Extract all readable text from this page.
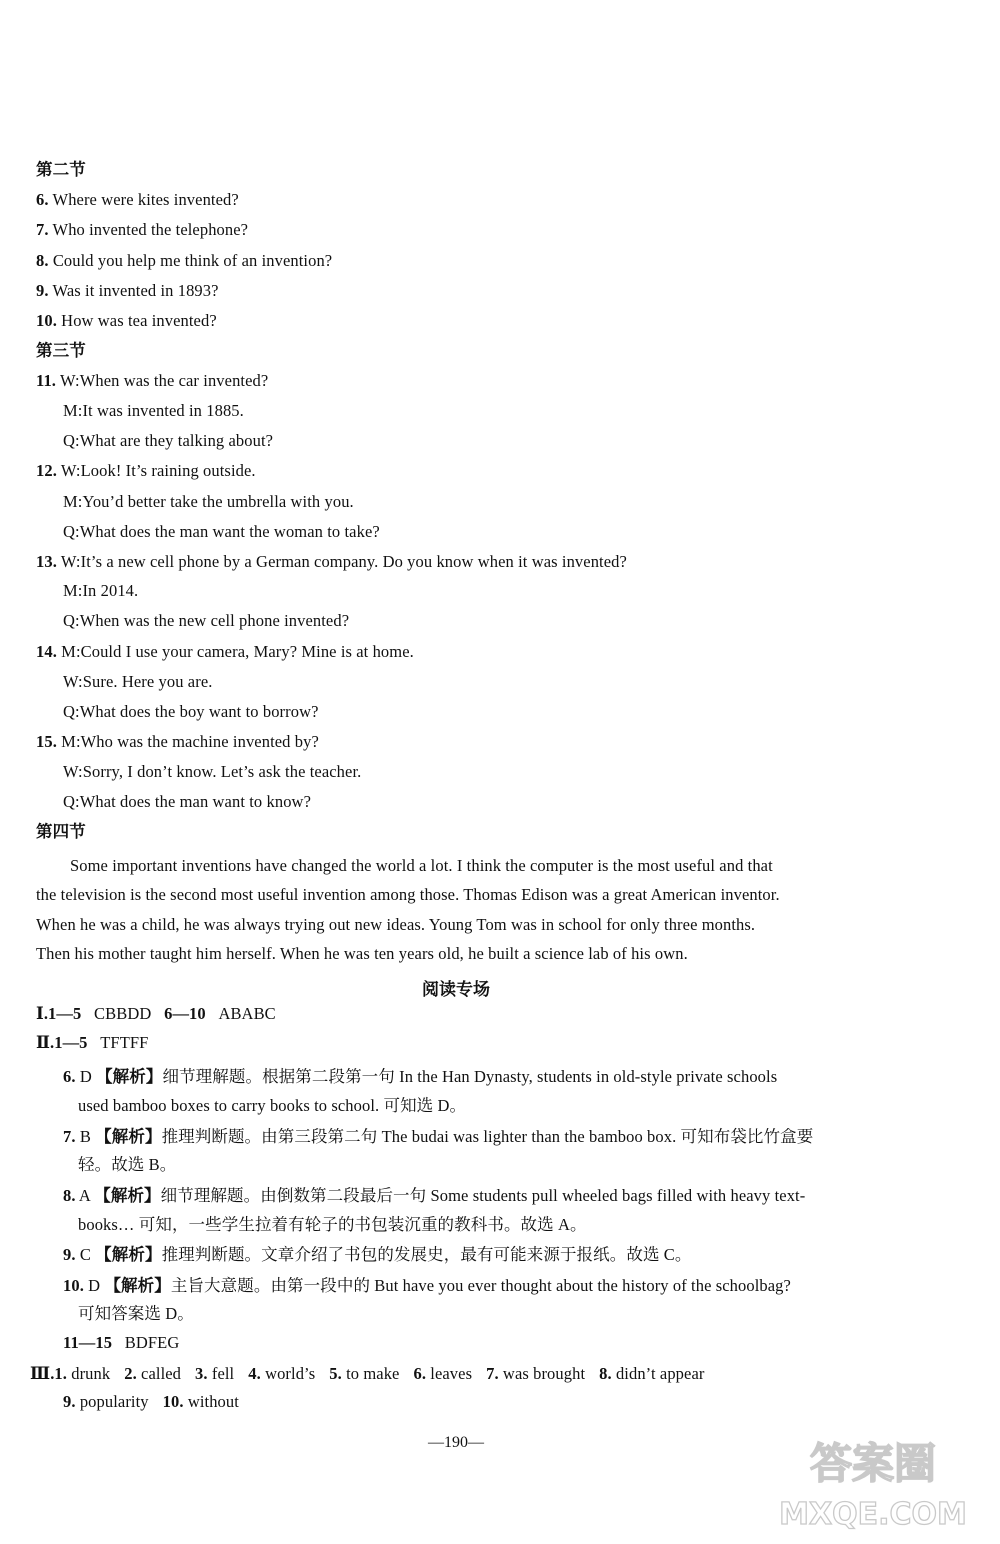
第二节
6. Where were kites invented?
7. Who invented the telephone?
8. Could you help me think of an invention?
9. Was it invented in 1893?
10. How was tea invented?
第三节
11. W:When was the car invented?
M:It was invented in 1885.
Q:What are they talking about?
12. W:Look! It’s raining outside.
M:You’d better take the umbrella with you.
Q:What does the man want the woman to take?
13. W:It’s a new cell phone by a German company. Do you know when it was invented?
M:In 2014.
Q:When was the new cell phone invented?
14. M:Could I use your camera, Mary? Mine is at home.
W:Sure. Here you are.
Q:What does the boy want to borrow?
15. M:Who was the machine invented by?
W:Sorry, I don’t know. Let’s ask the teacher.
Q:What does the man want to know?
第四节
Some important inventions have changed the world a lot. I think the computer is the most useful and that
the television is the second most useful invention among those. Thomas Edison was a great American inventor.
When he was a child, he was always trying out new ideas. Young Tom was in school for only three months.
Then his mother taught him herself. When he was ten years old, he built a science lab of his own.
阅读专场
Ⅰ.1—5 CBBDD 6—10 ABABC
Ⅱ.1—5 TFTFF
6. D 【解析】细节理解题。根据第二段第一句 In the Han Dynasty, students in old-style private schools
used bamboo boxes to carry books to school. 可知选 D。
7. B 【解析】推理判断题。由第三段第二句 The budai was lighter than the bamboo box. 可知布袋比竹盒要
轻。故选 B。
8. A 【解析】细节理解题。由倒数第二段最后一句 Some students pull wheeled bags filled with heavy text-
books… 可知，一些学生拉着有轮子的书包装沉重的教科书。故选 A。
9. C 【解析】推理判断题。文章介绍了书包的发展史，最有可能来源于报纸。故选 C。
10. D 【解析】主旨大意题。由第一段中的 But have you ever thought about the history of the schoolbag?
可知答案选 D。
11—15 BDFEG
Ⅲ.1. drunk 2. called 3. fell 4. world’s 5. to make 6. leaves 7. was brought 8. didn’t appear
9. popularity 10. without
—190—	答案圈
MXQE.COM
